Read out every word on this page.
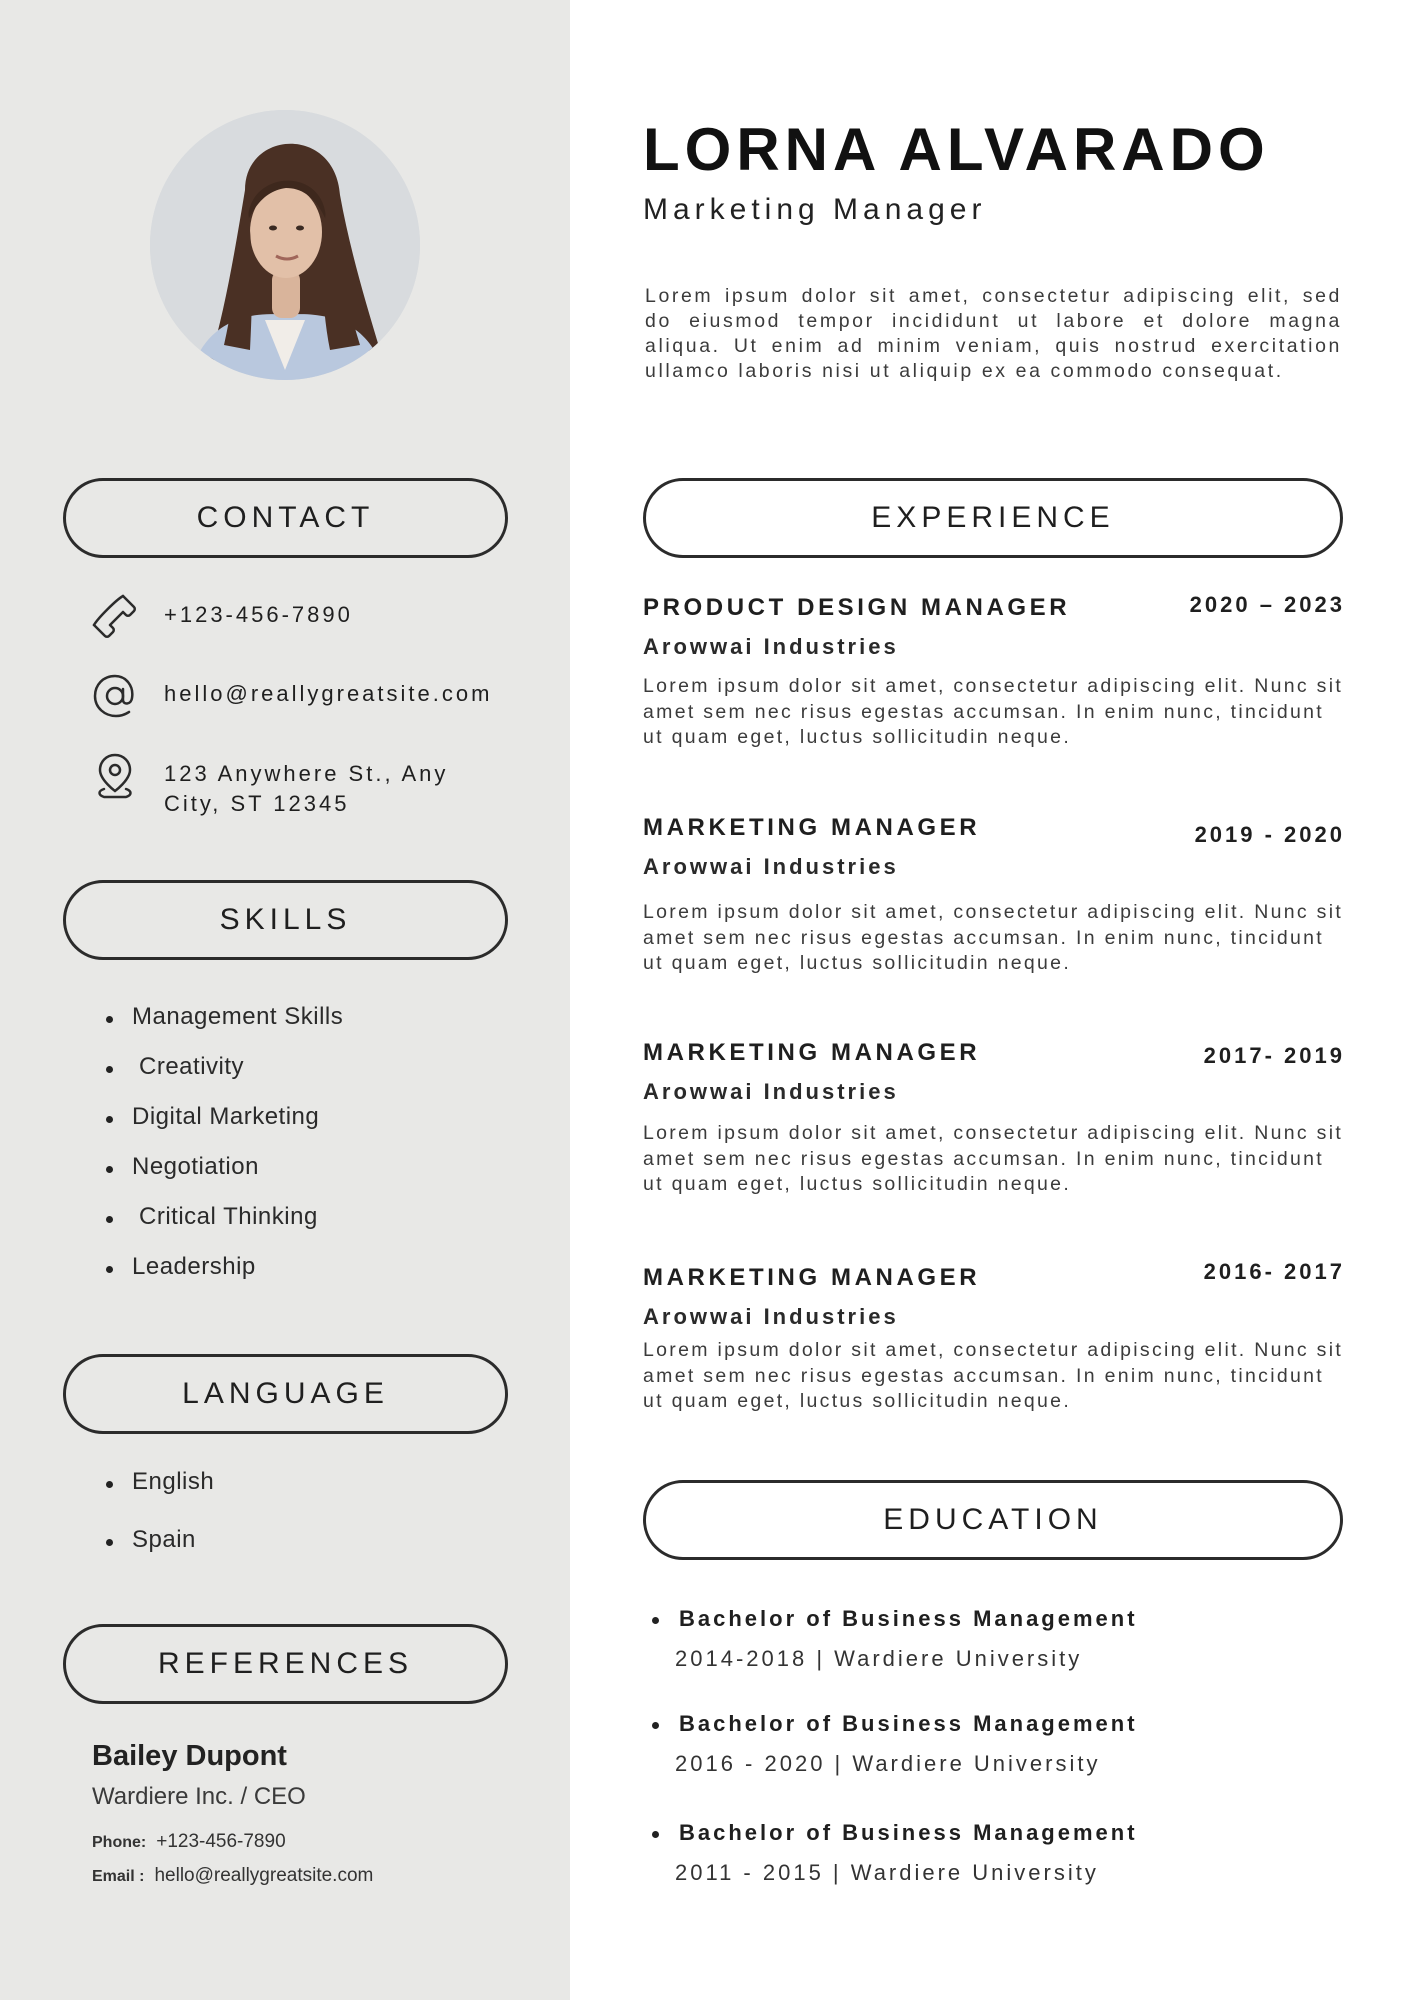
CONTACT
+123-456-7890
hello@reallygreatsite.com
123 Anywhere St., Any City, ST 12345
SKILLS
Management Skills
Creativity
Digital Marketing
Negotiation
Critical Thinking
Leadership
LANGUAGE
English
Spain
REFERENCES
Bailey Dupont
Wardiere Inc. / CEO
Phone: +123-456-7890
Email : hello@reallygreatsite.com
LORNA ALVARADO
Marketing Manager
Lorem ipsum dolor sit amet, consectetur adipiscing elit, sed do eiusmod tempor incididunt ut labore et dolore magna aliqua. Ut enim ad minim veniam, quis nostrud exercitation ullamco laboris nisi ut aliquip ex ea commodo consequat.
EXPERIENCE
PRODUCT DESIGN MANAGER	2020 – 2023
Arowwai Industries
Lorem ipsum dolor sit amet, consectetur adipiscing elit. Nunc sit amet sem nec risus egestas accumsan. In enim nunc, tincidunt ut quam eget, luctus sollicitudin neque.
MARKETING MANAGER	2019 - 2020
Arowwai Industries
Lorem ipsum dolor sit amet, consectetur adipiscing elit. Nunc sit amet sem nec risus egestas accumsan. In enim nunc, tincidunt ut quam eget, luctus sollicitudin neque.
MARKETING MANAGER	2017- 2019
Arowwai Industries
Lorem ipsum dolor sit amet, consectetur adipiscing elit. Nunc sit amet sem nec risus egestas accumsan. In enim nunc, tincidunt ut quam eget, luctus sollicitudin neque.
MARKETING MANAGER	2016- 2017
Arowwai Industries
Lorem ipsum dolor sit amet, consectetur adipiscing elit. Nunc sit amet sem nec risus egestas accumsan. In enim nunc, tincidunt ut quam eget, luctus sollicitudin neque.
EDUCATION
Bachelor of Business Management
2014-2018 | Wardiere University
Bachelor of Business Management
2016 - 2020 | Wardiere University
Bachelor of Business Management
2011 - 2015 | Wardiere University
